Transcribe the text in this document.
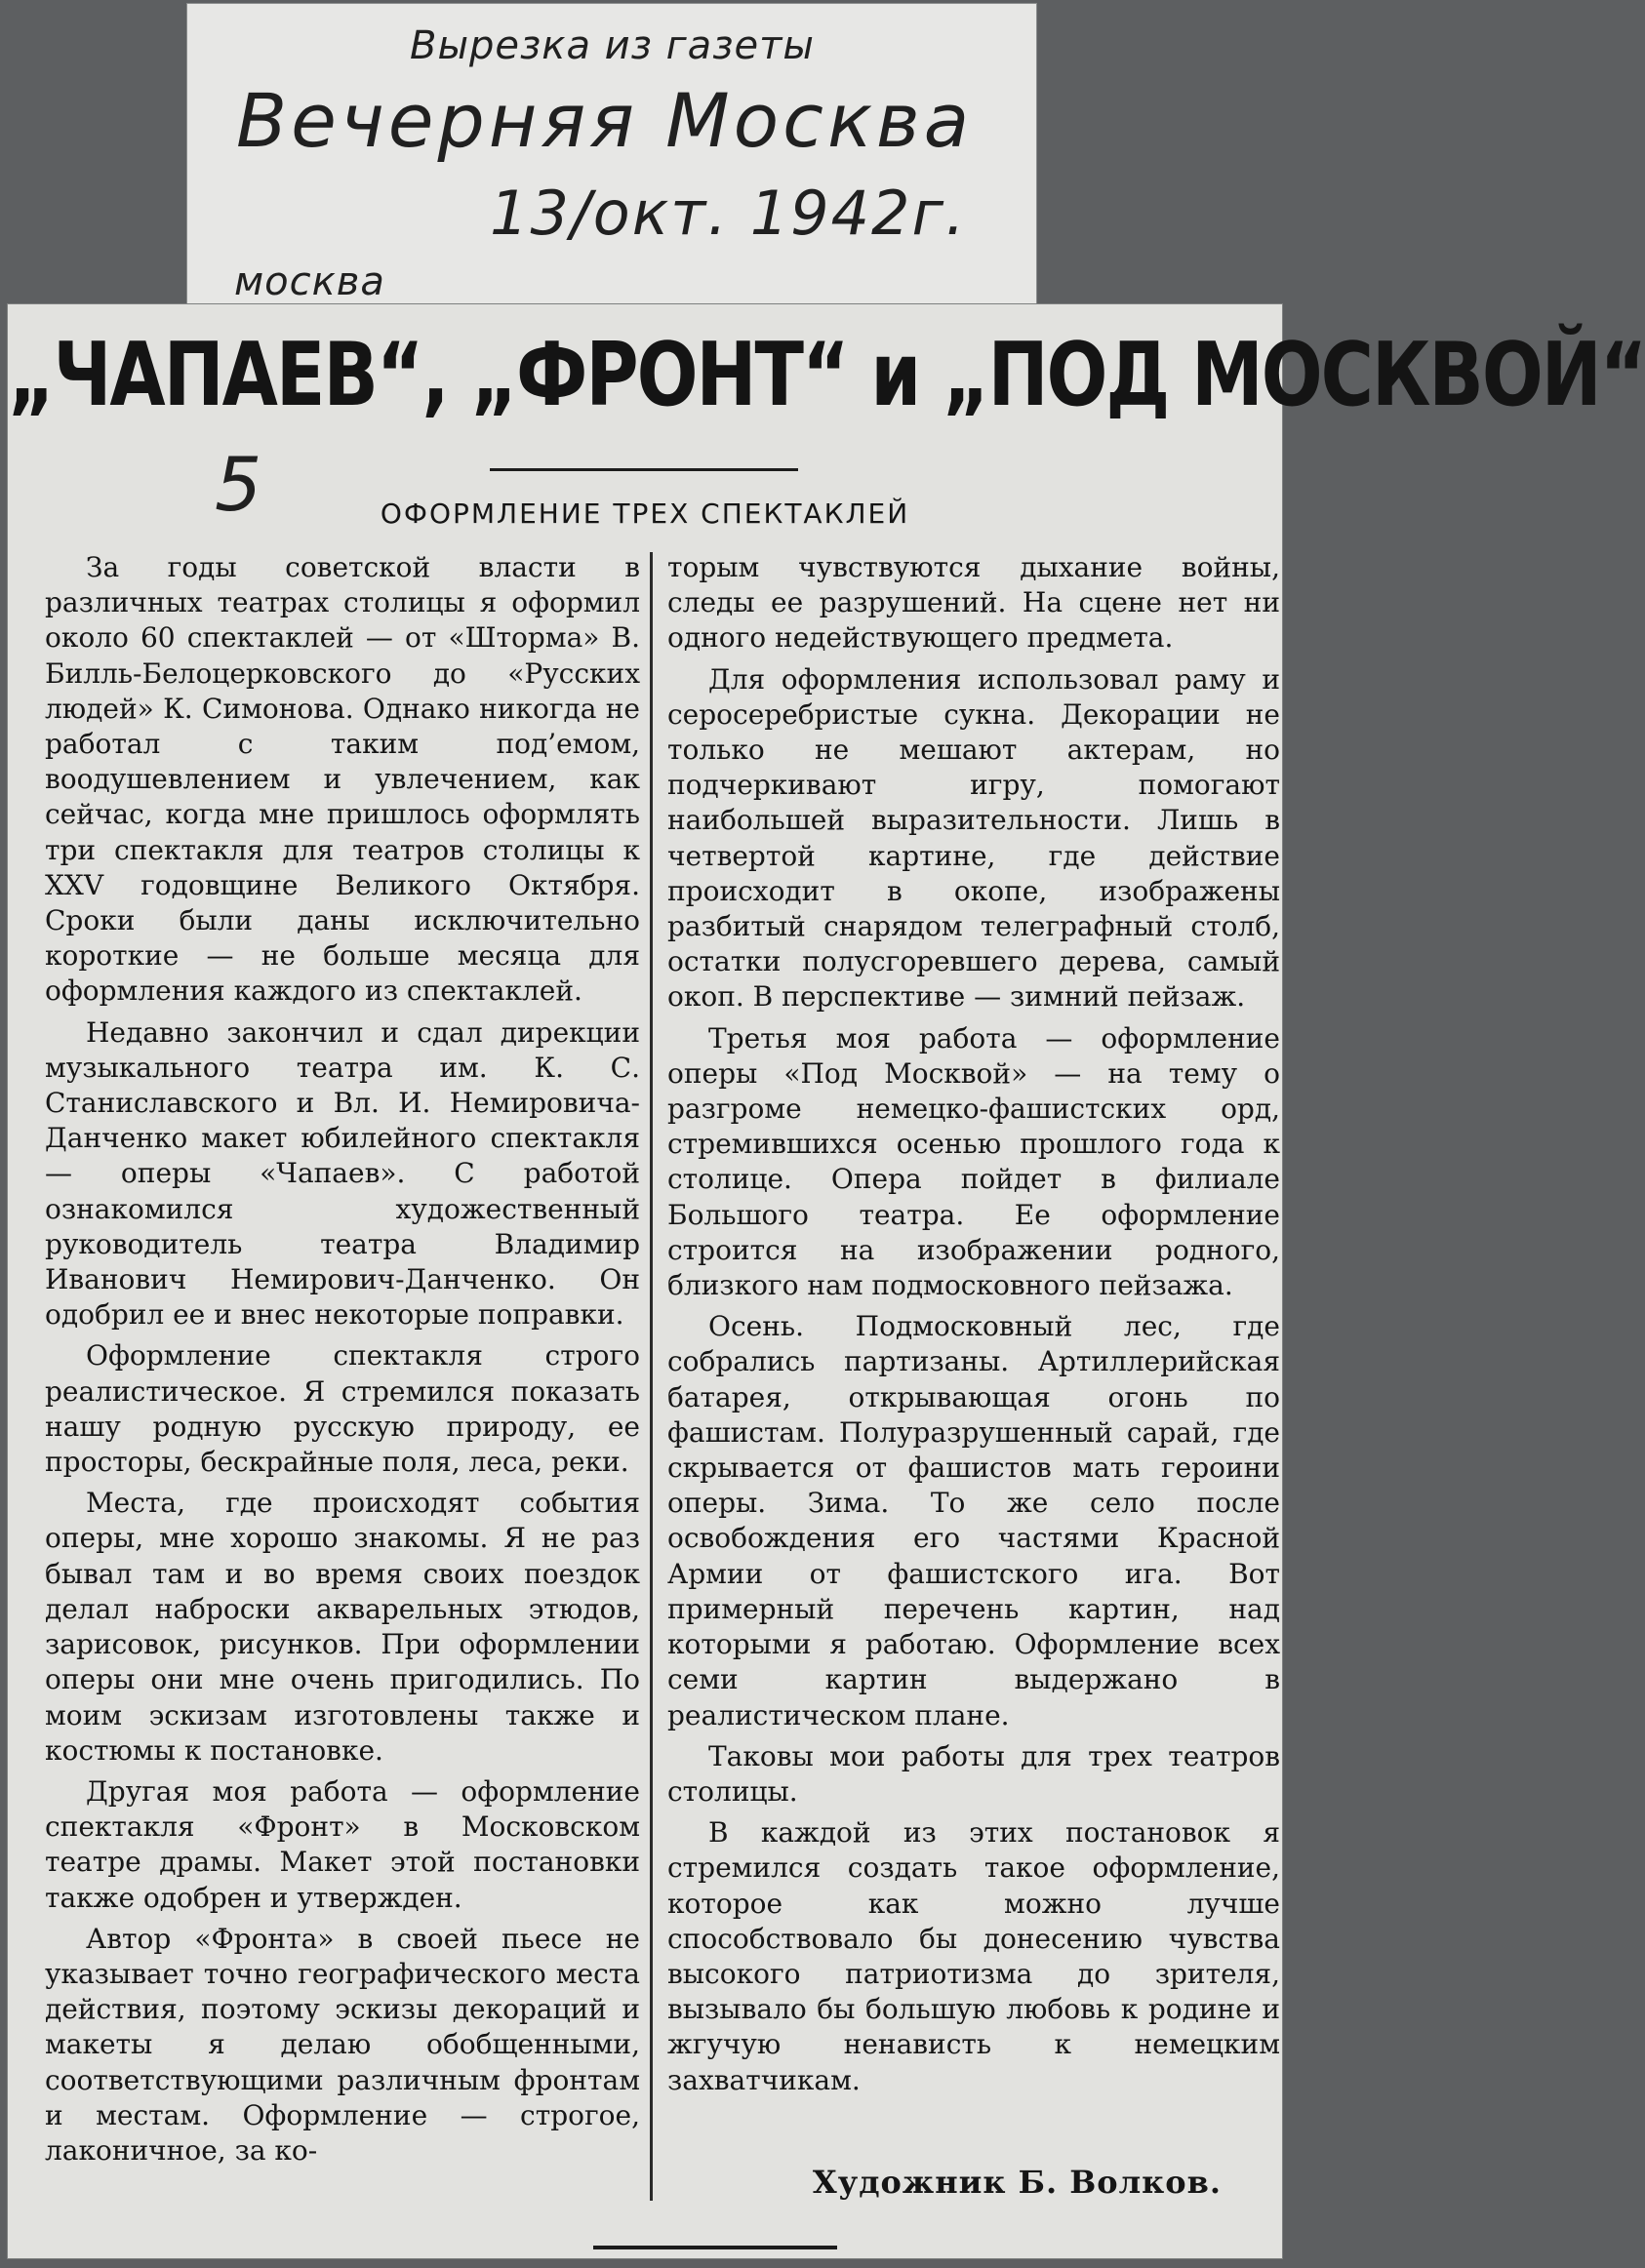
Вырезка из газеты
Вечерняя Москва
13/окт. 1942г.
москва
„ЧАПАЕВ“, „ФРОНТ“ и „ПОД МОСКВОЙ“
5	ОФОРМЛЕНИЕ ТРЕХ СПЕКТАКЛЕЙ

За годы советской власти в различных театрах столицы я оформил около 60 спектаклей — от «Шторма» В. Билль-Белоцерковского до «Русских людей» К. Симонова. Однако никогда не работал с таким под’емом, воодушевлением и увлечением, как сейчас, когда мне пришлось оформлять три спектакля для театров столицы к XXV годовщине Великого Октября. Сроки были даны исключительно короткие — не больше месяца для оформления каждого из спектаклей.

Недавно закончил и сдал дирекции музыкального театра им. К. С. Станиславского и Вл. И. Немировича-Данченко макет юбилейного спектакля — оперы «Чапаев». С работой ознакомился художественный руководитель театра Владимир Иванович Немирович-Данченко. Он одобрил ее и внес некоторые поправки.

Оформление спектакля строго реалистическое. Я стремился показать нашу родную русскую природу, ее просторы, бескрайные поля, леса, реки.

Места, где происходят события оперы, мне хорошо знакомы. Я не раз бывал там и во время своих поездок делал наброски акварельных этюдов, зарисовок, рисунков. При оформлении оперы они мне очень пригодились. По моим эскизам изготовлены также и костюмы к постановке.

Другая моя работа — оформление спектакля «Фронт» в Московском театре драмы. Макет этой постановки также одобрен и утвержден.

Автор «Фронта» в своей пьесе не указывает точно географического места действия, поэтому эскизы декораций и макеты я делаю обобщенными, соответствующими различным фронтам и местам. Оформление — строгое, лаконичное, за ко-

торым чувствуются дыхание войны, следы ее разрушений. На сцене нет ни одного недействующего предмета.

Для оформления использовал раму и серосеребристые сукна. Декорации не только не мешают актерам, но подчеркивают игру, помогают наибольшей выразительности. Лишь в четвертой картине, где действие происходит в окопе, изображены разбитый снарядом телеграфный столб, остатки полусгоревшего дерева, самый окоп. В перспективе — зимний пейзаж.

Третья моя работа — оформление оперы «Под Москвой» — на тему о разгроме немецко-фашистских орд, стремившихся осенью прошлого года к столице. Опера пойдет в филиале Большого театра. Ее оформление строится на изображении родного, близкого нам подмосковного пейзажа.

Осень. Подмосковный лес, где собрались партизаны. Артиллерийская батарея, открывающая огонь по фашистам. Полуразрушенный сарай, где скрывается от фашистов мать героини оперы. Зима. То же село после освобождения его частями Красной Армии от фашистского ига. Вот примерный перечень картин, над которыми я работаю. Оформление всех семи картин выдержано в реалистическом плане.

Таковы мои работы для трех театров столицы.

В каждой из этих постановок я стремился создать такое оформление, которое как можно лучше способствовало бы донесению чувства высокого патриотизма до зрителя, вызывало бы большую любовь к родине и жгучую ненависть к немецким захватчикам.

Художник Б. Волков.
